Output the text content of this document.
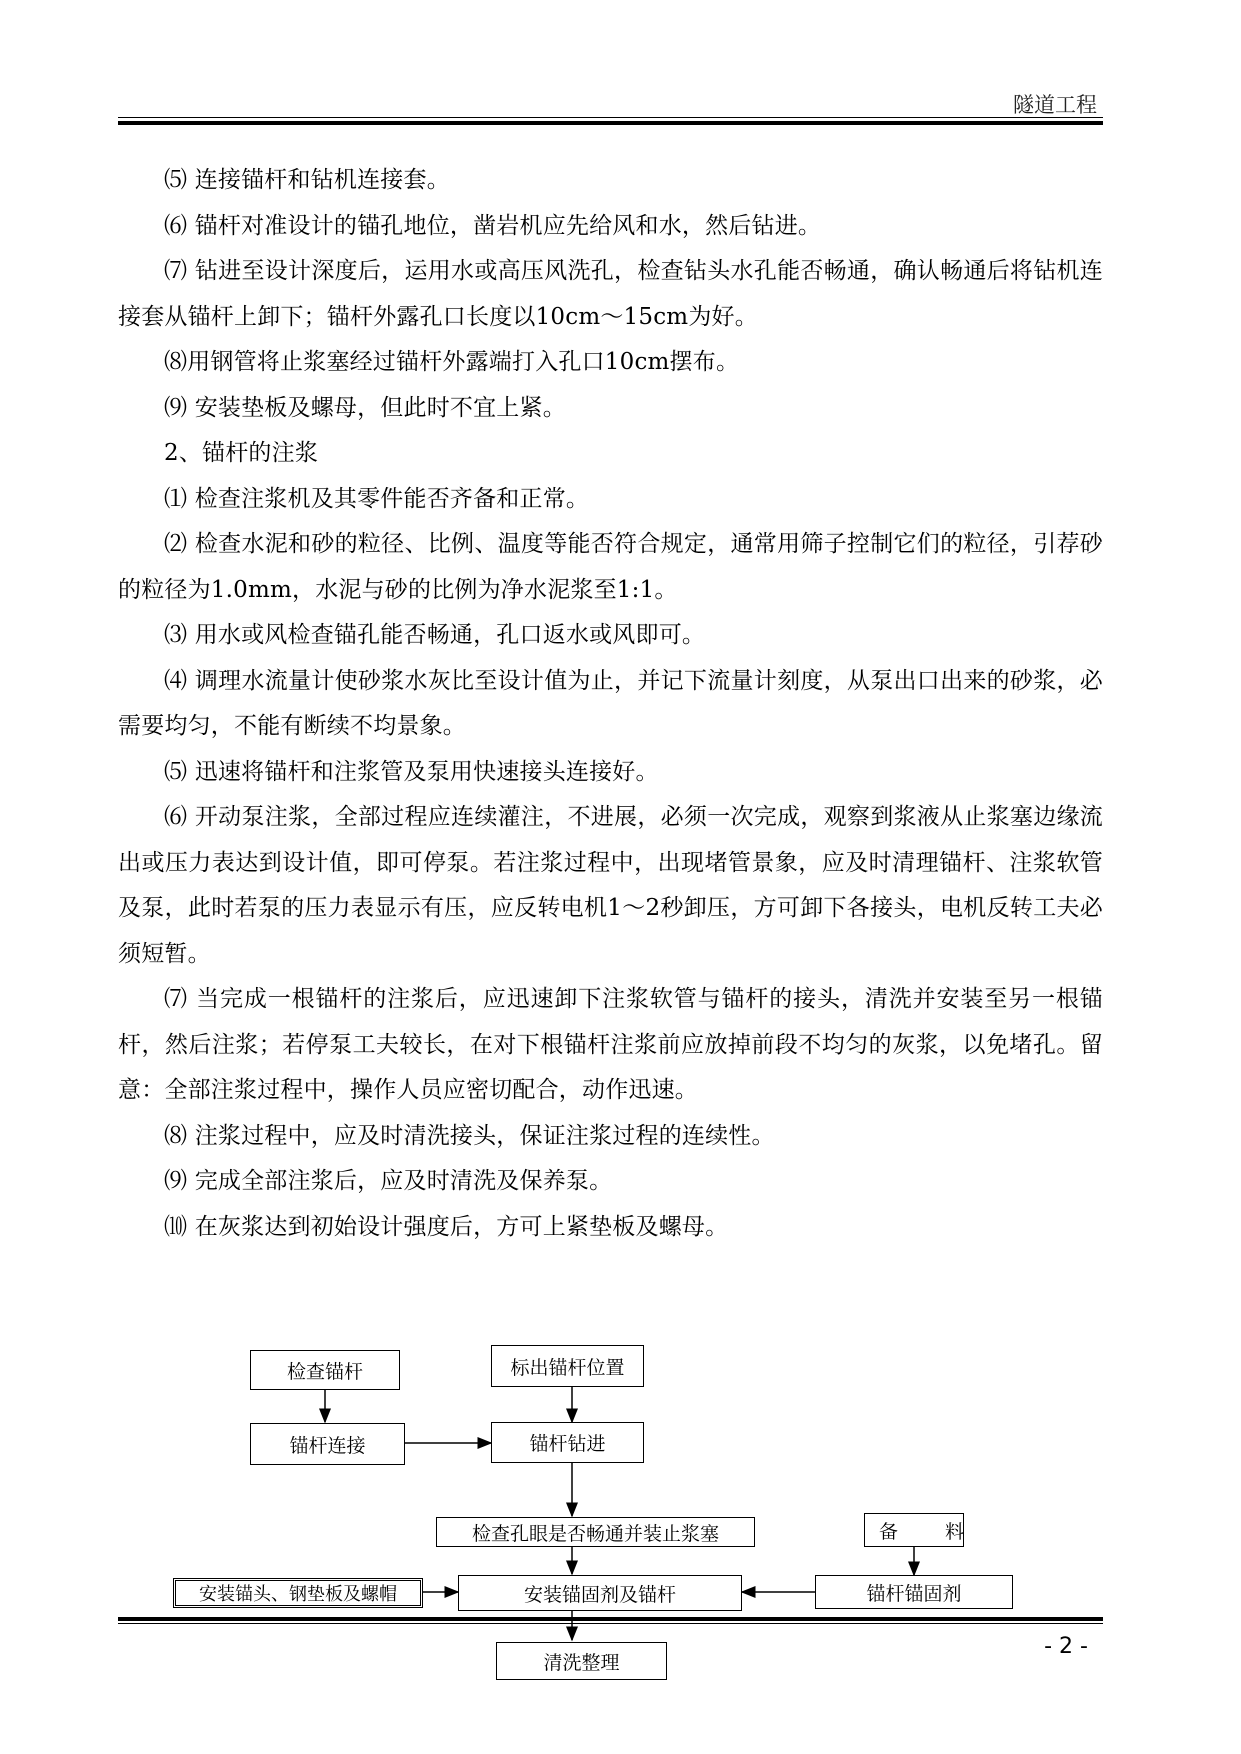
隧道工程

⑸ 连接锚杆和钻机连接套。

⑹ 锚杆对准设计的锚孔地位，凿岩机应先给风和水，然后钻进。

⑺ 钻进至设计深度后，运用水或高压风洗孔，检查钻头水孔能否畅通，确认畅通后将钻机连接套从锚杆上卸下；锚杆外露孔口长度以10cm～15cm为好。

⑻用钢管将止浆塞经过锚杆外露端打入孔口10cm摆布。

⑼ 安装垫板及螺母，但此时不宜上紧。

2、锚杆的注浆

⑴ 检查注浆机及其零件能否齐备和正常。

⑵ 检查水泥和砂的粒径、比例、温度等能否符合规定，通常用筛子控制它们的粒径，引荐砂的粒径为1.0mm，水泥与砂的比例为净水泥浆至1:1。

⑶ 用水或风检查锚孔能否畅通，孔口返水或风即可。

⑷ 调理水流量计使砂浆水灰比至设计值为止，并记下流量计刻度，从泵出口出来的砂浆，必需要均匀，不能有断续不均景象。

⑸ 迅速将锚杆和注浆管及泵用快速接头连接好。

⑹ 开动泵注浆，全部过程应连续灌注，不进展，必须一次完成，观察到浆液从止浆塞边缘流出或压力表达到设计值，即可停泵。若注浆过程中，出现堵管景象，应及时清理锚杆、注浆软管及泵，此时若泵的压力表显示有压，应反转电机1～2秒卸压，方可卸下各接头，电机反转工夫必须短暂。

⑺ 当完成一根锚杆的注浆后，应迅速卸下注浆软管与锚杆的接头，清洗并安装至另一根锚杆，然后注浆；若停泵工夫较长，在对下根锚杆注浆前应放掉前段不均匀的灰浆，以免堵孔。留意：全部注浆过程中，操作人员应密切配合，动作迅速。

⑻ 注浆过程中，应及时清洗接头，保证注浆过程的连续性。

⑼ 完成全部注浆后，应及时清洗及保养泵。

⑽ 在灰浆达到初始设计强度后，方可上紧垫板及螺母。

检查锚杆	标出锚杆位置
锚杆连接	锚杆钻进
检查孔眼是否畅通并装止浆塞	备　料
安装锚头、钢垫板及螺帽	安装锚固剂及锚杆	锚杆锚固剂
清洗整理
- 2 -
